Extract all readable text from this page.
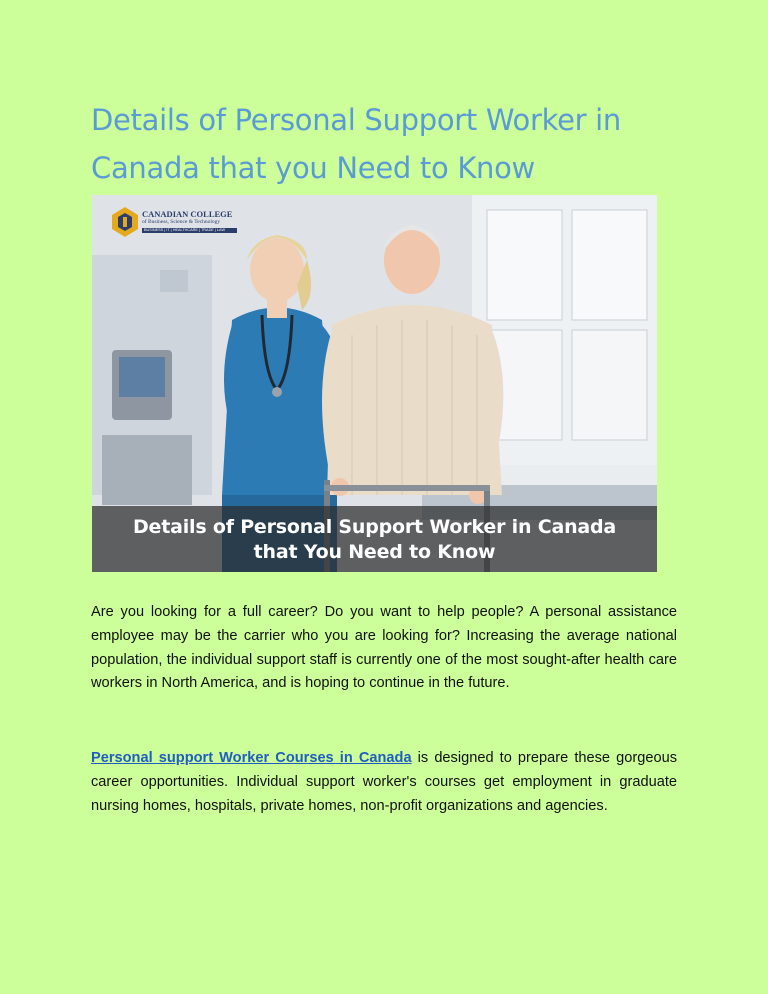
Details of Personal Support Worker in Canada that you Need to Know
CANADIAN COLLEGE
of Business, Science & Technology
BUSINESS | IT | HEALTHCARE | TRADE | LAW
Details of Personal Support Worker in Canada
that You Need to Know

Are you looking for a full career? Do you want to help people? A personal assistance employee may be the carrier who you are looking for? Increasing the average national population, the individual support staff is currently one of the most sought-after health care workers in North America, and is hoping to continue in the future.

Personal support Worker Courses in Canada is designed to prepare these gorgeous career opportunities. Individual support worker's courses get employment in graduate nursing homes, hospitals, private homes, non-profit organizations and agencies.
